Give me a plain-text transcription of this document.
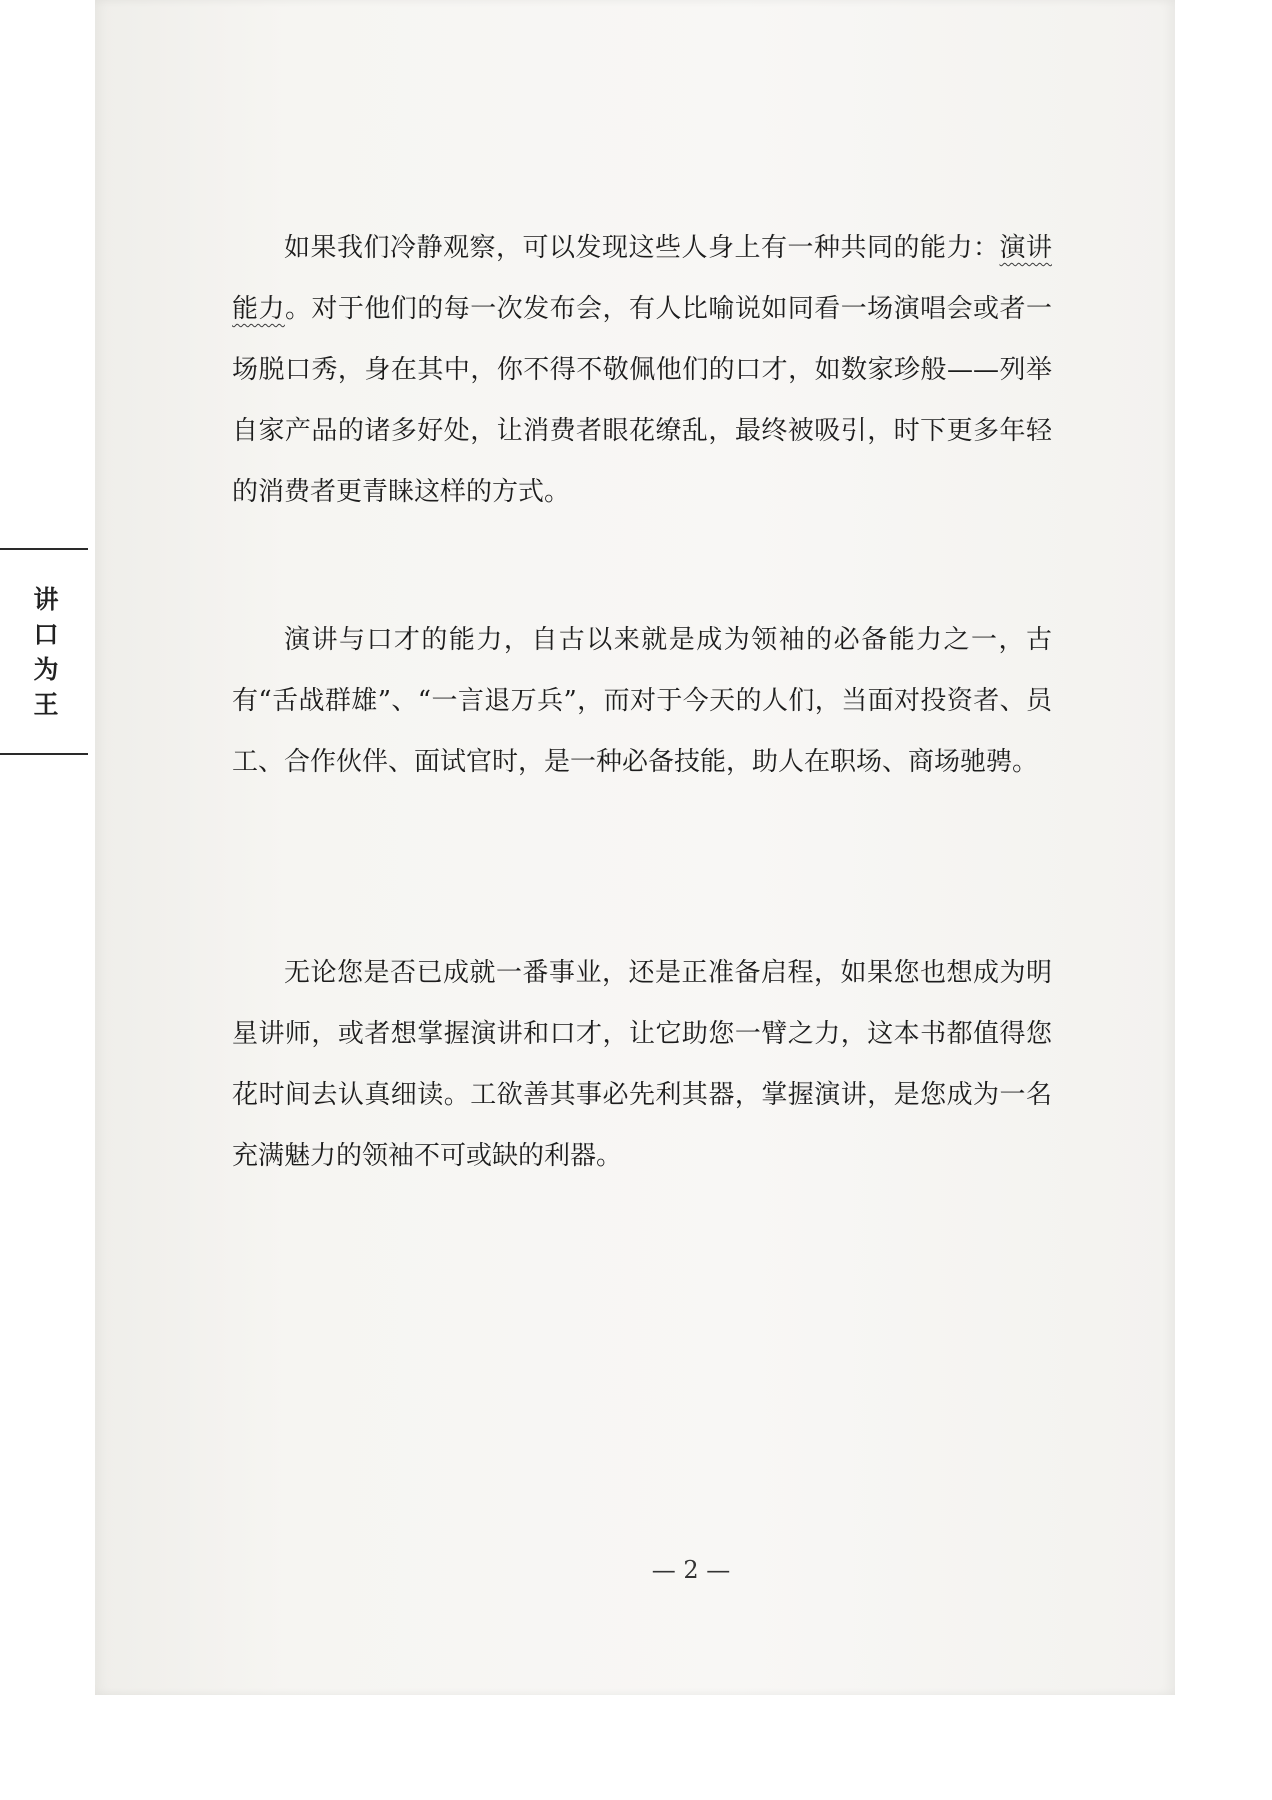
讲口为王

如果我们冷静观察，可以发现这些人身上有一种共同的能力：演讲能力。对于他们的每一次发布会，有人比喻说如同看一场演唱会或者一场脱口秀，身在其中，你不得不敬佩他们的口才，如数家珍般——列举自家产品的诸多好处，让消费者眼花缭乱，最终被吸引，时下更多年轻的消费者更青睐这样的方式。

演讲与口才的能力，自古以来就是成为领袖的必备能力之一，古有“舌战群雄”、“一言退万兵”，而对于今天的人们，当面对投资者、员工、合作伙伴、面试官时，是一种必备技能，助人在职场、商场驰骋。

无论您是否已成就一番事业，还是正准备启程，如果您也想成为明星讲师，或者想掌握演讲和口才，让它助您一臂之力，这本书都值得您花时间去认真细读。工欲善其事必先利其器，掌握演讲，是您成为一名充满魅力的领袖不可或缺的利器。

— 2 —
